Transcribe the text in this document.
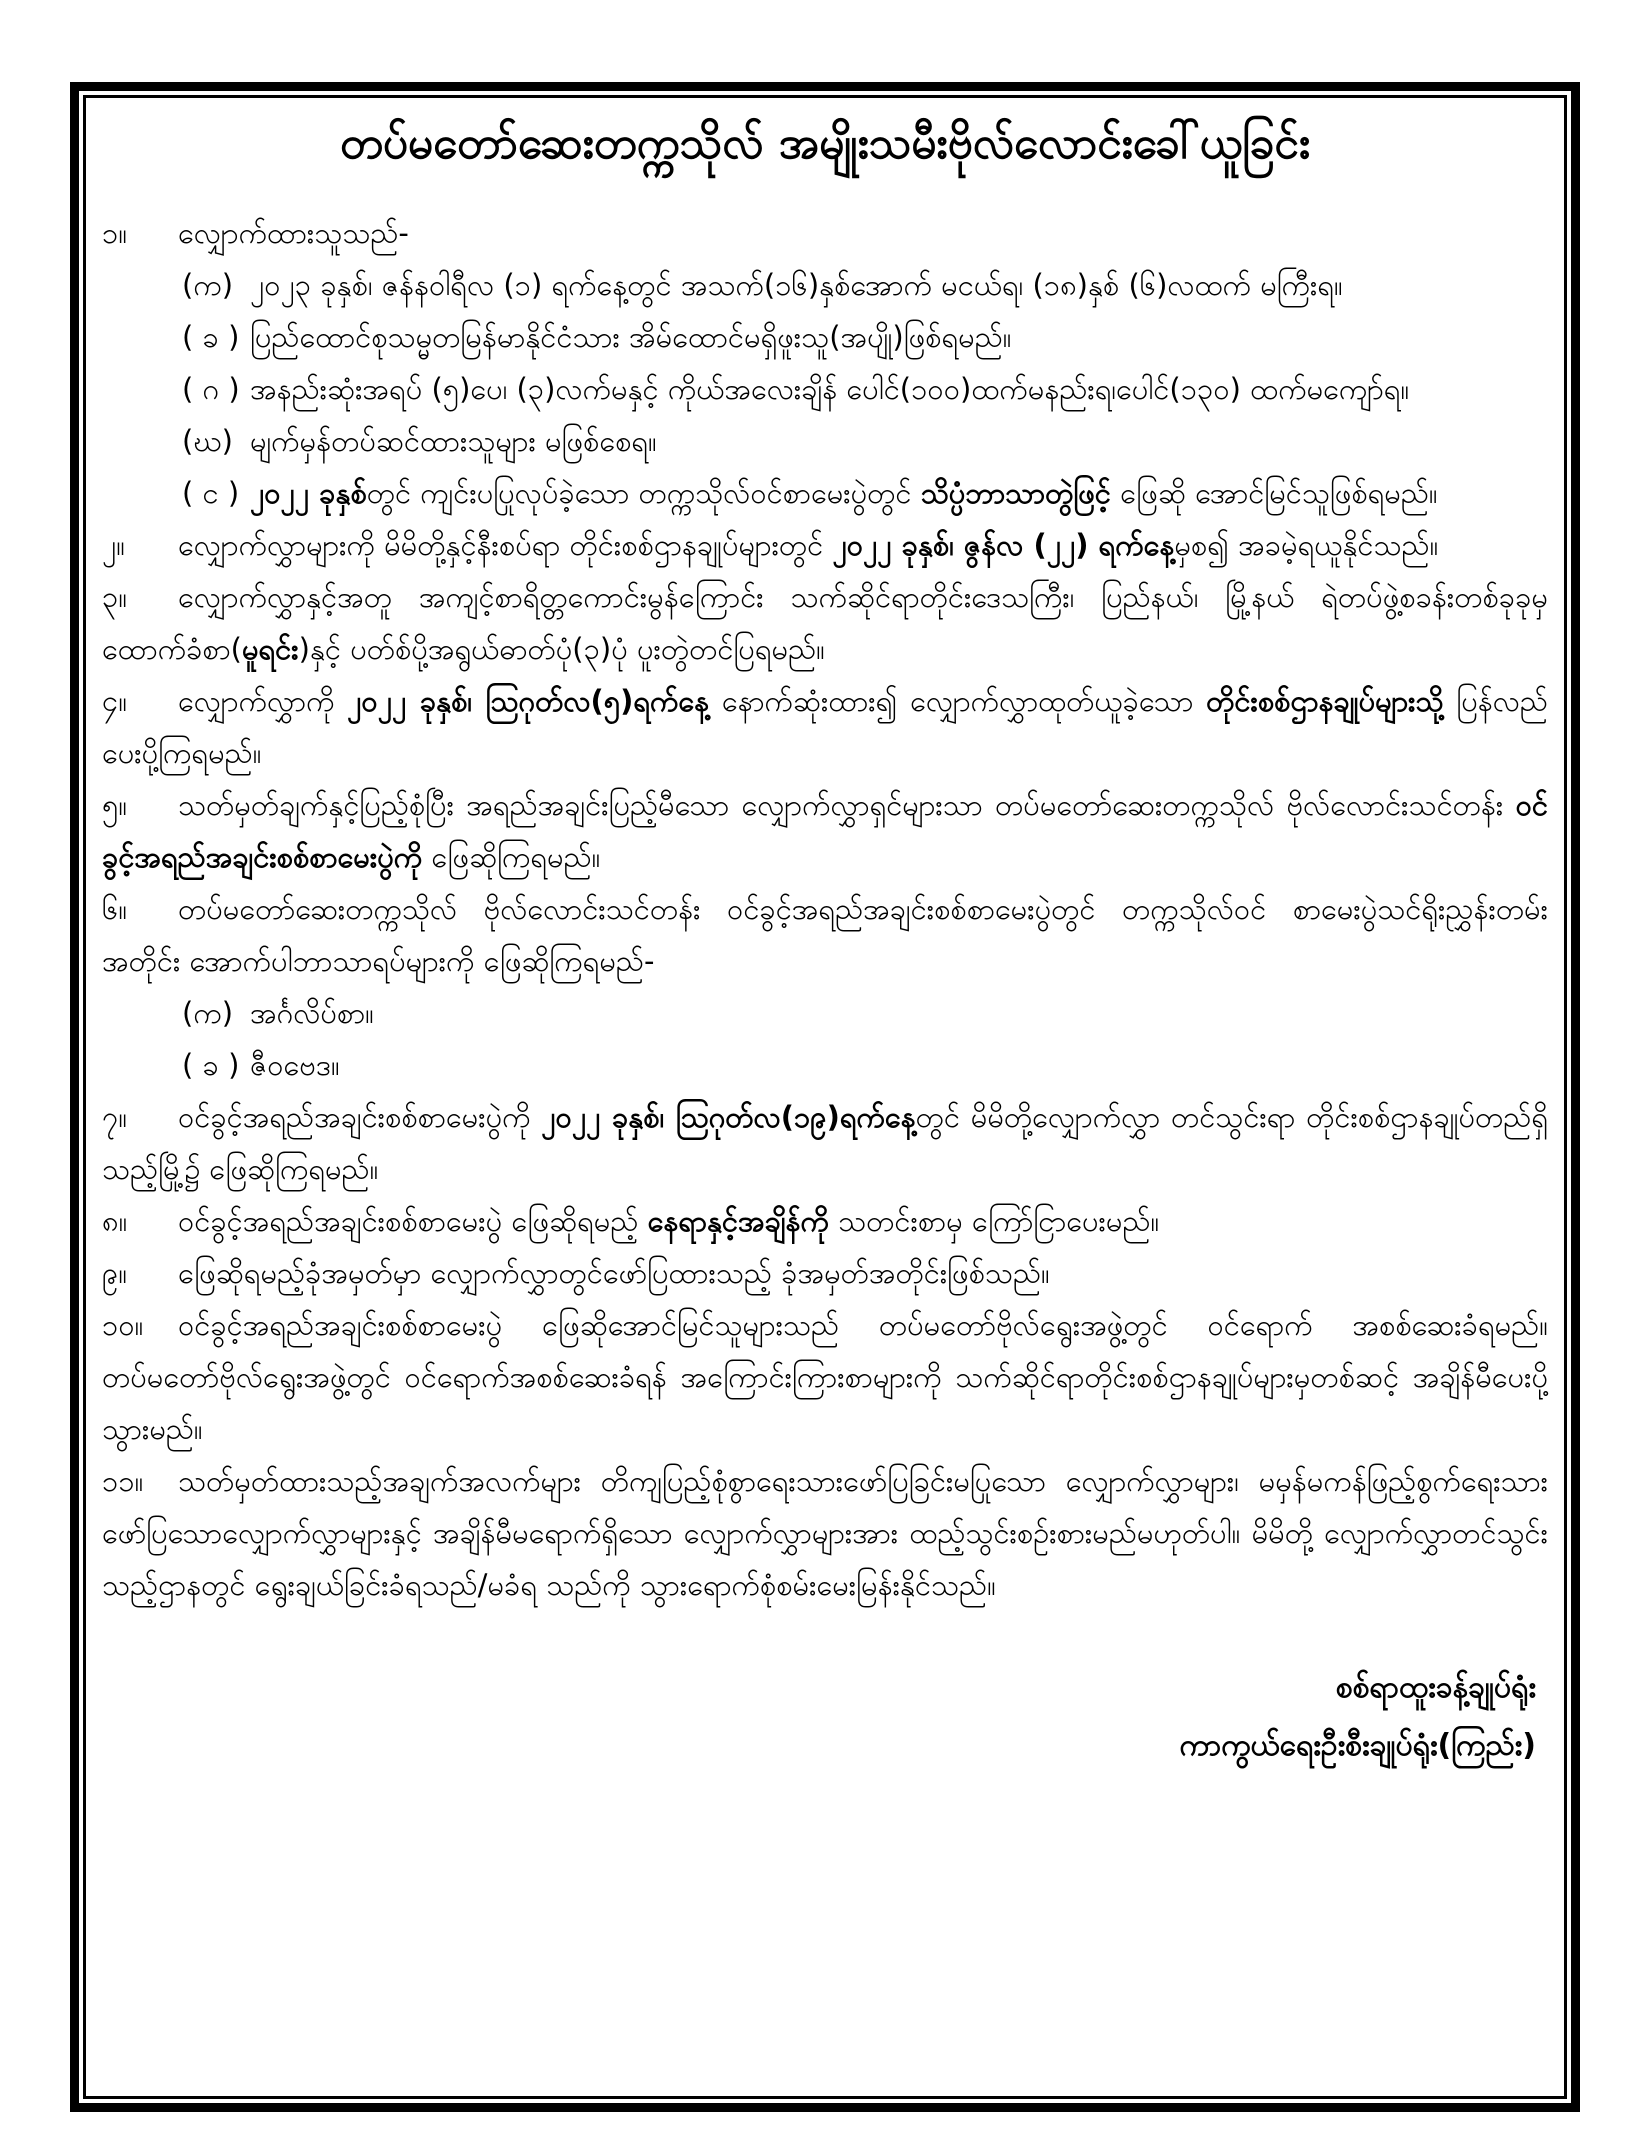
တပ်မတော်ဆေးတက္ကသိုလ် အမျိုးသမီးဗိုလ်လောင်းခေါ်ယူခြင်း
၁။ လျှောက်ထားသူသည်-
(က) ၂၀၂၃ ခုနှစ်၊ ဇန်နဝါရီလ (၁) ရက်နေ့တွင် အသက်(၁၆)နှစ်အောက် မငယ်ရ၊ (၁၈)နှစ် (၆)လထက် မကြီးရ။
( ခ ) ပြည်ထောင်စုသမ္မတမြန်မာနိုင်ငံသား အိမ်ထောင်မရှိဖူးသူ(အပျို)ဖြစ်ရမည်။
( ဂ ) အနည်းဆုံးအရပ် (၅)ပေ၊ (၃)လက်မနှင့် ကိုယ်အလေးချိန် ပေါင်(၁၀၀)ထက်မနည်းရ၊ပေါင်(၁၃၀) ထက်မကျော်ရ။
(ဃ) မျက်မှန်တပ်ဆင်ထားသူများ မဖြစ်စေရ။
( င ) ၂၀၂၂ ခုနှစ်တွင် ကျင်းပပြုလုပ်ခဲ့သော တက္ကသိုလ်ဝင်စာမေးပွဲတွင် သိပ္ပံဘာသာတွဲဖြင့် ဖြေဆို အောင်မြင်သူဖြစ်ရမည်။
၂။ လျှောက်လွှာများကို မိမိတို့နှင့်နီးစပ်ရာ တိုင်းစစ်ဌာနချုပ်များတွင် ၂၀၂၂ ခုနှစ်၊ ဇွန်လ (၂၂) ရက်နေ့မှစ၍ အခမဲ့ရယူနိုင်သည်။
၃။ လျှောက်လွှာနှင့်အတူ အကျင့်စာရိတ္တကောင်းမွန်ကြောင်း သက်ဆိုင်ရာတိုင်းဒေသကြီး၊ ပြည်နယ်၊ မြို့နယ် ရဲတပ်ဖွဲ့စခန်းတစ်ခုခုမှ ထောက်ခံစာ(မူရင်း)နှင့် ပတ်စ်ပို့အရွယ်ဓာတ်ပုံ(၃)ပုံ ပူးတွဲတင်ပြရမည်။
၄။ လျှောက်လွှာကို ၂၀၂၂ ခုနှစ်၊ ဩဂုတ်လ(၅)ရက်နေ့ နောက်ဆုံးထား၍ လျှောက်လွှာထုတ်ယူခဲ့သော တိုင်းစစ်ဌာနချုပ်များသို့ ပြန်လည်ပေးပို့ကြရမည်။
၅။ သတ်မှတ်ချက်နှင့်ပြည့်စုံပြီး အရည်အချင်းပြည့်မီသော လျှောက်လွှာရှင်များသာ တပ်မတော်ဆေးတက္ကသိုလ် ဗိုလ်လောင်းသင်တန်း ဝင်ခွင့်အရည်အချင်းစစ်စာမေးပွဲကို ဖြေဆိုကြရမည်။
၆။ တပ်မတော်ဆေးတက္ကသိုလ် ဗိုလ်လောင်းသင်တန်း ဝင်ခွင့်အရည်အချင်းစစ်စာမေးပွဲတွင် တက္ကသိုလ်ဝင် စာမေးပွဲသင်ရိုးညွှန်းတမ်းအတိုင်း အောက်ပါဘာသာရပ်များကို ဖြေဆိုကြရမည်-
(က) အင်္ဂလိပ်စာ။
( ခ ) ဇီဝဗေဒ။
၇။ ဝင်ခွင့်အရည်အချင်းစစ်စာမေးပွဲကို ၂၀၂၂ ခုနှစ်၊ ဩဂုတ်လ(၁၉)ရက်နေ့တွင် မိမိတို့လျှောက်လွှာ တင်သွင်းရာ တိုင်းစစ်ဌာနချုပ်တည်ရှိသည့်မြို့၌ ဖြေဆိုကြရမည်။
၈။ ဝင်ခွင့်အရည်အချင်းစစ်စာမေးပွဲ ဖြေဆိုရမည့် နေရာနှင့်အချိန်ကို သတင်းစာမှ ကြော်ငြာပေးမည်။
၉။ ဖြေဆိုရမည့်ခုံအမှတ်မှာ လျှောက်လွှာတွင်ဖော်ပြထားသည့် ခုံအမှတ်အတိုင်းဖြစ်သည်။
၁၀။ ဝင်ခွင့်အရည်အချင်းစစ်စာမေးပွဲ ဖြေဆိုအောင်မြင်သူများသည် တပ်မတော်ဗိုလ်ရွေးအဖွဲ့တွင် ဝင်ရောက် အစစ်ဆေးခံရမည်။ တပ်မတော်ဗိုလ်ရွေးအဖွဲ့တွင် ဝင်ရောက်အစစ်ဆေးခံရန် အကြောင်းကြားစာများကို သက်ဆိုင်ရာတိုင်းစစ်ဌာနချုပ်များမှတစ်ဆင့် အချိန်မီပေးပို့သွားမည်။
၁၁။ သတ်မှတ်ထားသည့်အချက်အလက်များ တိကျပြည့်စုံစွာရေးသားဖော်ပြခြင်းမပြုသော လျှောက်လွှာများ၊ မမှန်မကန်ဖြည့်စွက်ရေးသားဖော်ပြသောလျှောက်လွှာများနှင့် အချိန်မီမရောက်ရှိသော လျှောက်လွှာများအား ထည့်သွင်းစဉ်းစားမည်မဟုတ်ပါ။ မိမိတို့ လျှောက်လွှာတင်သွင်းသည့်ဌာနတွင် ရွေးချယ်ခြင်းခံရသည်/မခံရ သည်ကို သွားရောက်စုံစမ်းမေးမြန်းနိုင်သည်။
စစ်ရာထူးခန့်ချုပ်ရုံး
ကာကွယ်ရေးဦးစီးချုပ်ရုံး(ကြည်း)
